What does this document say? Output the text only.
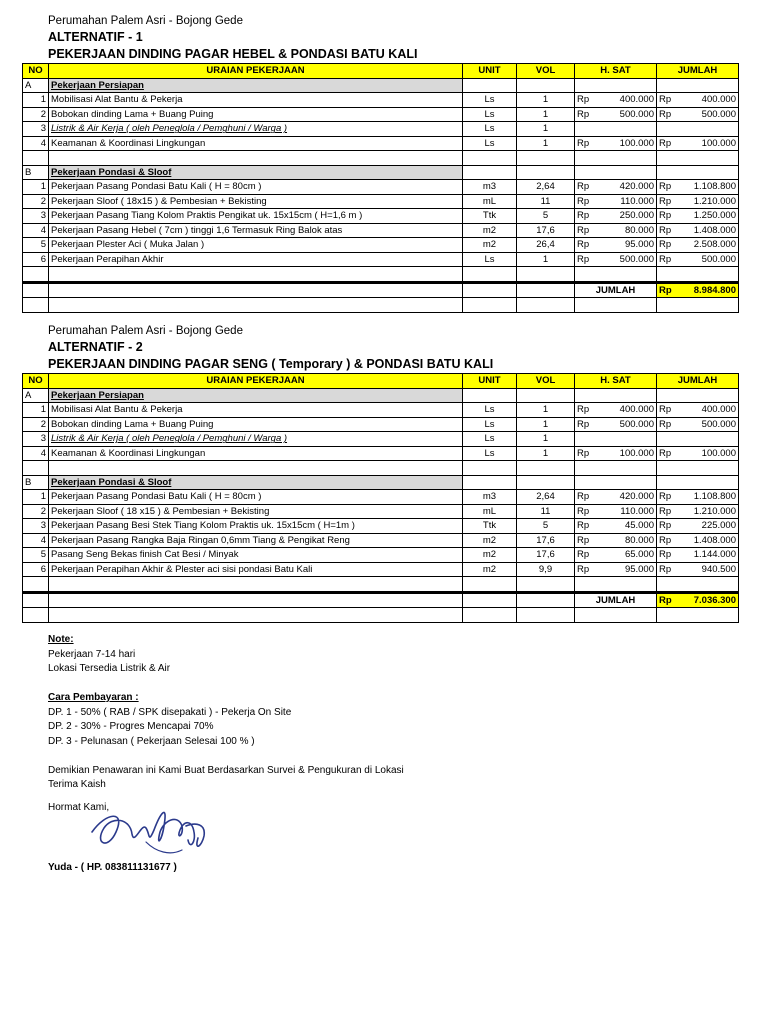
Perumahan Palem Asri - Bojong Gede
ALTERNATIF - 1
PEKERJAAN DINDING PAGAR HEBEL & PONDASI BATU KALI
NO	URAIAN PEKERJAAN	UNIT	VOL	H. SAT		JUMLAH	
A	Pekerjaan Persiapan						
1	Mobilisasi Alat Bantu & Pekerja	Ls	1	Rp	400.000	Rp	400.000
2	Bobokan dinding Lama + Buang Puing	Ls	1	Rp	500.000	Rp	500.000
3	Listrik & Air Kerja ( oleh Peneglola / Pemghuni / Warga )	Ls	1				
4	Keamanan & Koordinasi Lingkungan	Ls	1	Rp	100.000	Rp	100.000

B	Pekerjaan Pondasi & Sloof						
1	Pekerjaan Pasang Pondasi Batu Kali ( H = 80cm )	m3	2,64	Rp	420.000	Rp	1.108.800
2	Pekerjaan Sloof ( 18x15 ) & Pembesian + Bekisting	mL	11	Rp	110.000	Rp	1.210.000
3	Pekerjaan Pasang Tiang Kolom Praktis Pengikat uk. 15x15cm ( H=1,6 m )	Ttk	5	Rp	250.000	Rp	1.250.000
4	Pekerjaan Pasang Hebel ( 7cm ) tinggi 1,6 Termasuk Ring Balok atas	m2	17,6	Rp	80.000	Rp	1.408.000
5	Pekerjaan Plester Aci ( Muka Jalan )	m2	26,4	Rp	95.000	Rp	2.508.000
6	Pekerjaan Perapihan Akhir	Ls	1	Rp	500.000	Rp	500.000

				JUMLAH		Rp	8.984.800

Perumahan Palem Asri - Bojong Gede
ALTERNATIF - 2
PEKERJAAN DINDING PAGAR SENG ( Temporary ) & PONDASI BATU KALI
NO	URAIAN PEKERJAAN	UNIT	VOL	H. SAT		JUMLAH	
A	Pekerjaan Persiapan						
1	Mobilisasi Alat Bantu & Pekerja	Ls	1	Rp	400.000	Rp	400.000
2	Bobokan dinding Lama + Buang Puing	Ls	1	Rp	500.000	Rp	500.000
3	Listrik & Air Kerja ( oleh Peneglola / Pemghuni / Warga )	Ls	1				
4	Keamanan & Koordinasi Lingkungan	Ls	1	Rp	100.000	Rp	100.000

B	Pekerjaan Pondasi & Sloof						
1	Pekerjaan Pasang Pondasi Batu Kali ( H = 80cm )	m3	2,64	Rp	420.000	Rp	1.108.800
2	Pekerjaan Sloof ( 18 x15 ) & Pembesian + Bekisting	mL	11	Rp	110.000	Rp	1.210.000
3	Pekerjaan Pasang Besi Stek Tiang Kolom Praktis uk. 15x15cm ( H=1m )	Ttk	5	Rp	45.000	Rp	225.000
4	Pekerjaan Pasang Rangka Baja Ringan 0,6mm Tiang & Pengikat Reng	m2	17,6	Rp	80.000	Rp	1.408.000
5	Pasang Seng Bekas finish Cat Besi / Minyak	m2	17,6	Rp	65.000	Rp	1.144.000
6	Pekerjaan Perapihan Akhir & Plester aci sisi pondasi Batu Kali	m2	9,9	Rp	95.000	Rp	940.500

				JUMLAH		Rp	7.036.300

Note:
Pekerjaan 7-14 hari
Lokasi Tersedia Listrik & Air
Cara Pembayaran :
DP. 1 - 50% ( RAB / SPK disepakati ) - Pekerja On Site
DP. 2 - 30% - Progres Mencapai 70%
DP. 3 - Pelunasan ( Pekerjaan Selesai 100 % )
Demikian Penawaran ini Kami Buat Berdasarkan Survei & Pengukuran di Lokasi
Terima Kaish
Hormat Kami,
Yuda - ( HP. 083811131677 )
